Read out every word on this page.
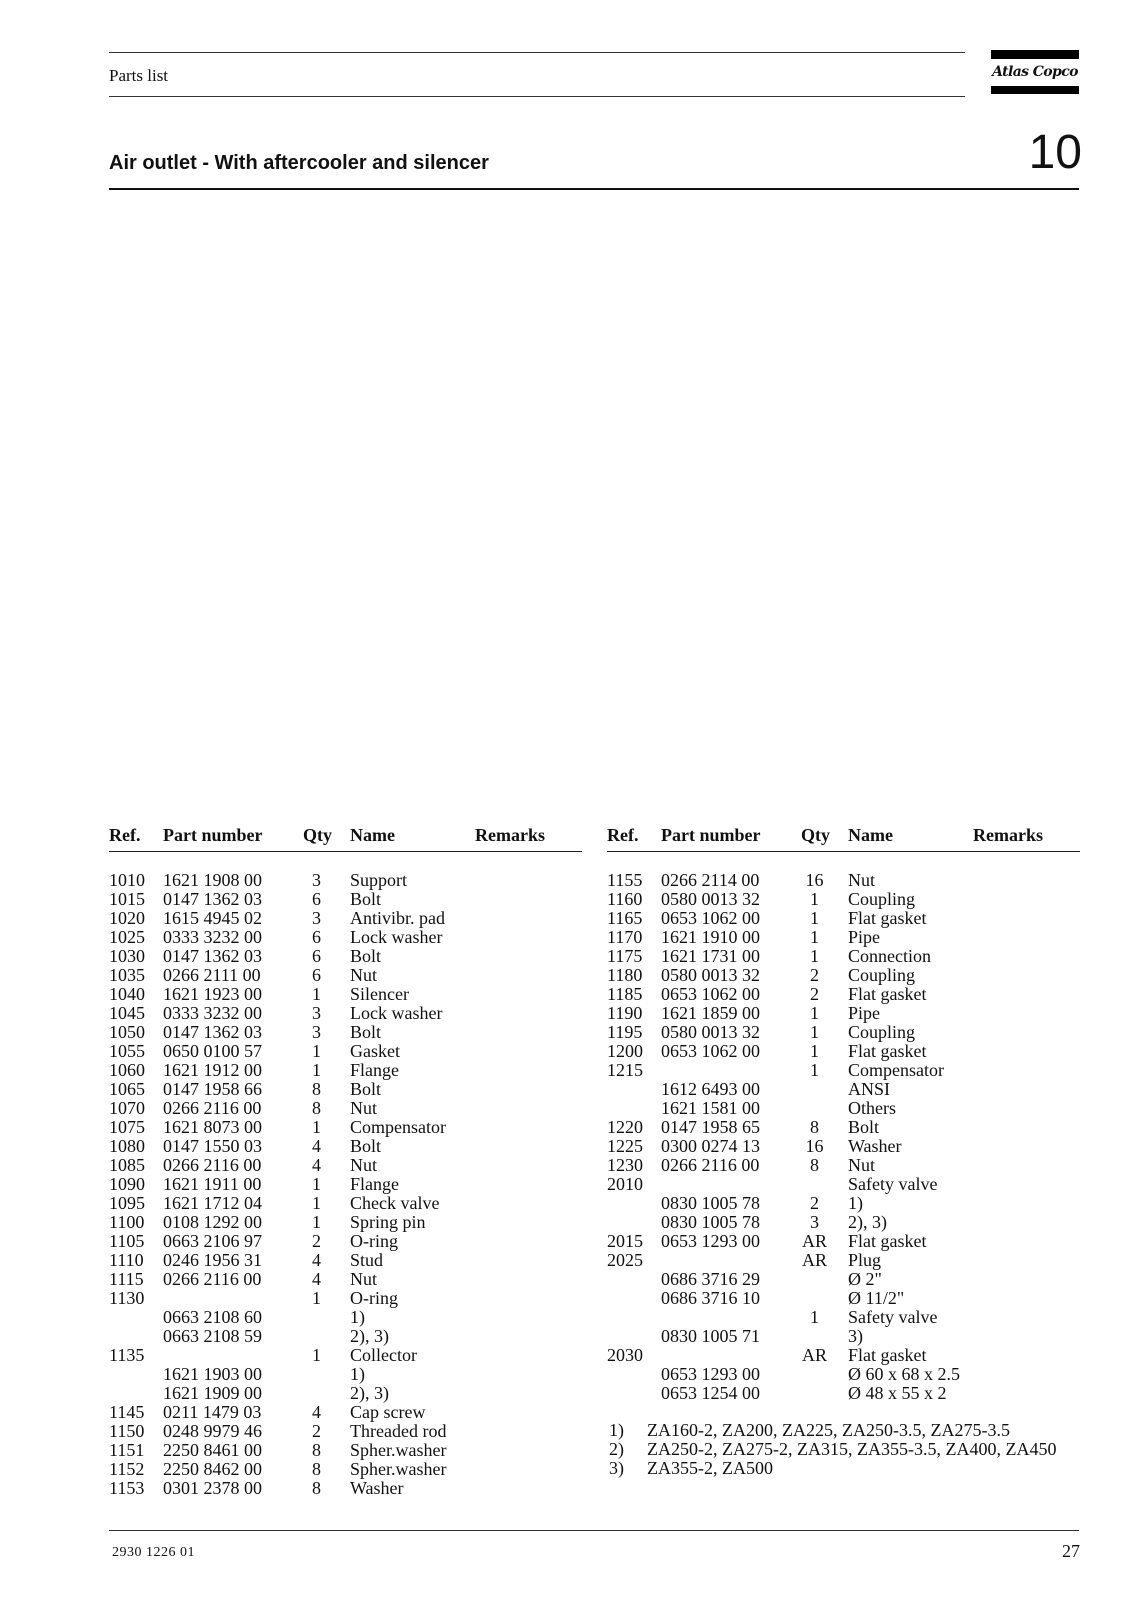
Parts list	Atlas Copco
Air outlet - With aftercooler and silencer	10
Ref. Part number Qty Name	Remarks
1010 1621 1908 00	3	Support
1015 0147 1362 03	6	Bolt
1020 1615 4945 02	3	Antivibr. pad
1025 0333 3232 00	6	Lock washer
1030 0147 1362 03	6	Bolt
1035 0266 2111 00	6	Nut
1040 1621 1923 00	1	Silencer
1045 0333 3232 00	3	Lock washer
1050 0147 1362 03	3	Bolt
1055 0650 0100 57	1	Gasket
1060 1621 1912 00	1	Flange
1065 0147 1958 66	8	Bolt
1070 0266 2116 00	8	Nut
1075 1621 8073 00	1	Compensator
1080 0147 1550 03	4	Bolt
1085 0266 2116 00	4	Nut
1090 1621 1911 00	1	Flange
1095 1621 1712 04	1	Check valve
1100 0108 1292 00	1	Spring pin
1105 0663 2106 97	2	O-ring
1110 0246 1956 31	4	Stud
1115 0266 2116 00	4	Nut
1130	1	O-ring
0663 2108 60	1)
0663 2108 59	2), 3)
1135	1	Collector
1621 1903 00	1)
1621 1909 00	2), 3)
1145 0211 1479 03	4	Cap screw
1150 0248 9979 46	2	Threaded rod
1151 2250 8461 00	8	Spher.washer
1152 2250 8462 00	8	Spher.washer
1153 0301 2378 00	8	Washer
Ref. Part number Qty Name	Remarks
1155 0266 2114 00	16 Nut
1160 0580 0013 32	1	Coupling
1165 0653 1062 00	1	Flat gasket
1170 1621 1910 00	1	Pipe
1175 1621 1731 00	1	Connection
1180 0580 0013 32	2	Coupling
1185 0653 1062 00	2	Flat gasket
1190 1621 1859 00	1	Pipe
1195 0580 0013 32	1	Coupling
1200 0653 1062 00	1	Flat gasket
1215	1	Compensator
1612 6493 00	ANSI
1621 1581 00	Others
1220 0147 1958 65	8	Bolt
1225 0300 0274 13	16 Washer
1230 0266 2116 00	8	Nut
2010	Safety valve
0830 1005 78	2	1)
0830 1005 78	3	2), 3)
2015 0653 1293 00 AR Flat gasket
2025	AR Plug
0686 3716 29	Ø 2"
0686 3716 10	Ø 11/2"
1	Safety valve
0830 1005 71	3)
2030	AR Flat gasket
0653 1293 00	Ø 60 x 68 x 2.5
0653 1254 00	Ø 48 x 55 x 2
1) ZA160-2, ZA200, ZA225, ZA250-3.5, ZA275-3.5
2) ZA250-2, ZA275-2, ZA315, ZA355-3.5, ZA400, ZA450
3) ZA355-2, ZA500
2930 1226 01	27
